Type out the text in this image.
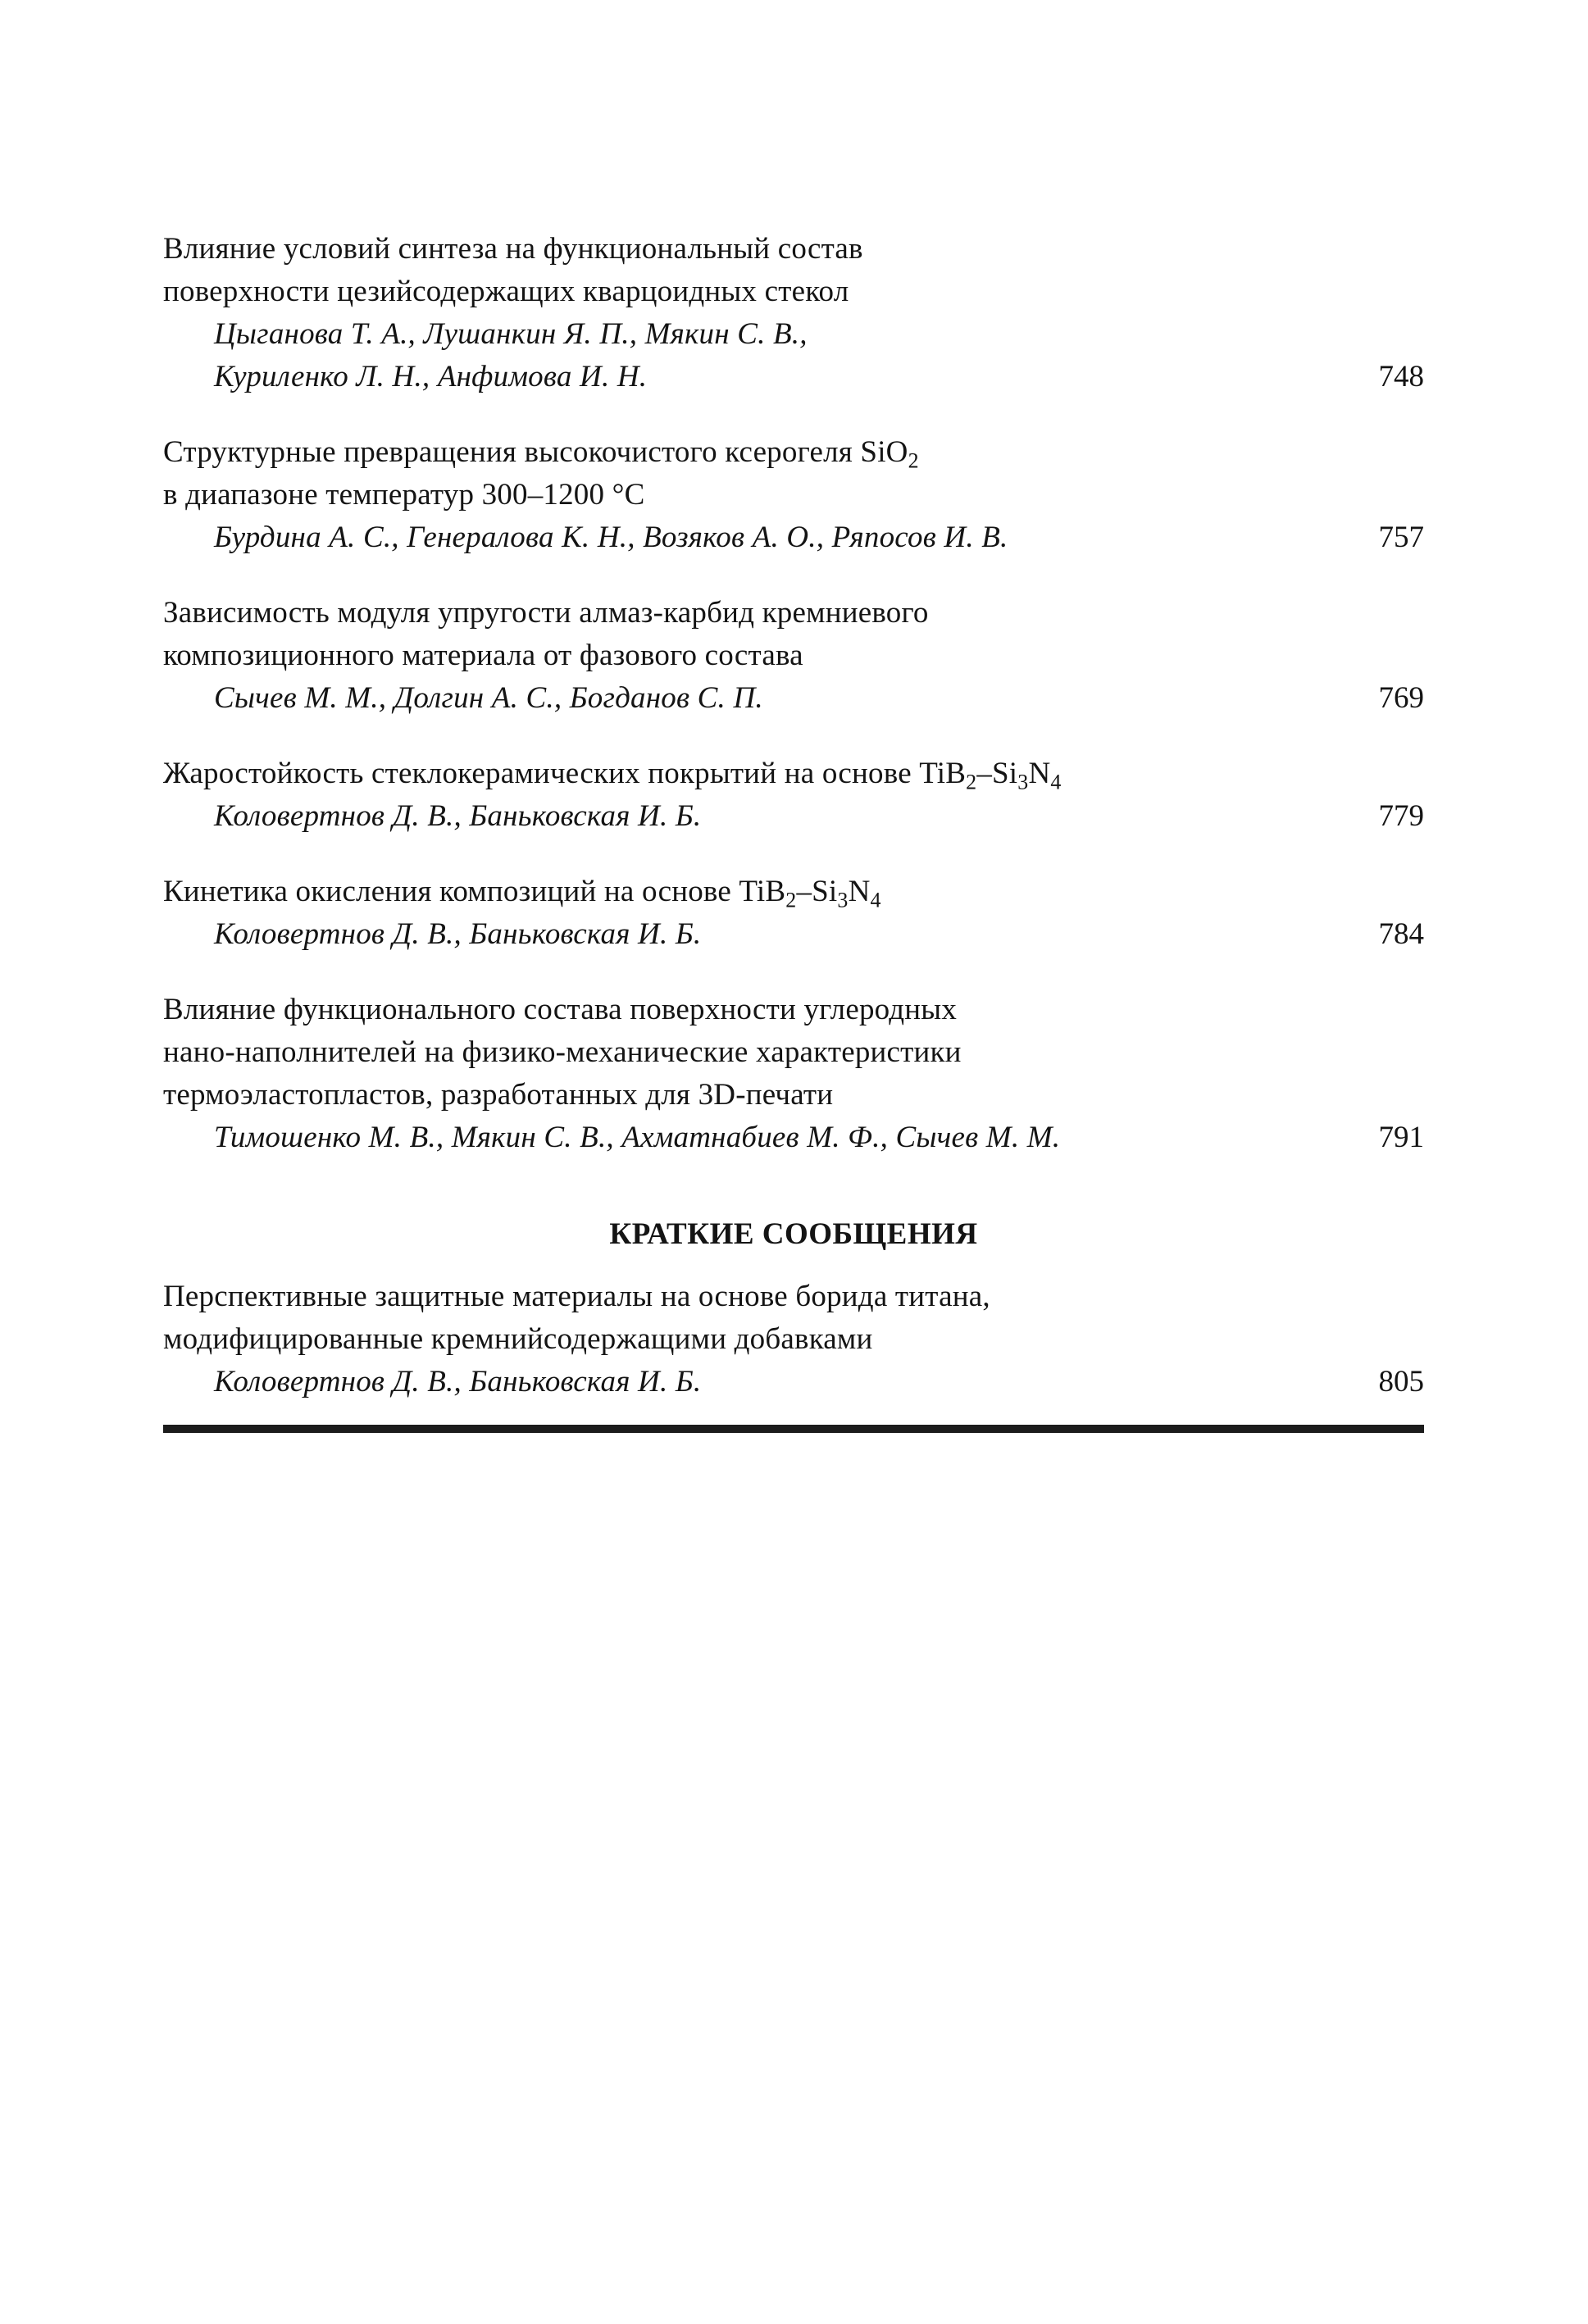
Влияние условий синтеза на функциональный состав
поверхности цезийсодержащих кварцоидных стекол
Цыганова Т. А., Лушанкин Я. П., Мякин С. В.,
Куриленко Л. Н., Анфимова И. Н.	748
Структурные превращения высокочистого ксерогеля SiO$_2$
в диапазоне температур 300–1200 °C
Бурдина А. С., Генералова К. Н., Возяков А. О., Ряпосов И. В.	757
Зависимость модуля упругости алмаз-карбид кремниевого
композиционного материала от фазового состава
Сычев М. М., Долгин А. С., Богданов С. П.	769
Жаростойкость стеклокерамических покрытий на основе $TiB_2-Si_3N_4$
Коловертнов Д. В., Баньковская И. Б.	779
Кинетика окисления композиций на основе $TiB_2-Si_3N_4$
Коловертнов Д. В., Баньковская И. Б.	784
Влияние функционального состава поверхности углеродных
нано-наполнителей на физико-механические характеристики
термоэластопластов, разработанных для 3D-печати
Тимошенко М. В., Мякин С. В., Ахматнабиев М. Ф., Сычев М. М.	791
КРАТКИЕ СООБЩЕНИЯ
Перспективные защитные материалы на основе борида титана,
модифицированные кремнийсодержащими добавками
Коловертнов Д. В., Баньковская И. Б.	805
